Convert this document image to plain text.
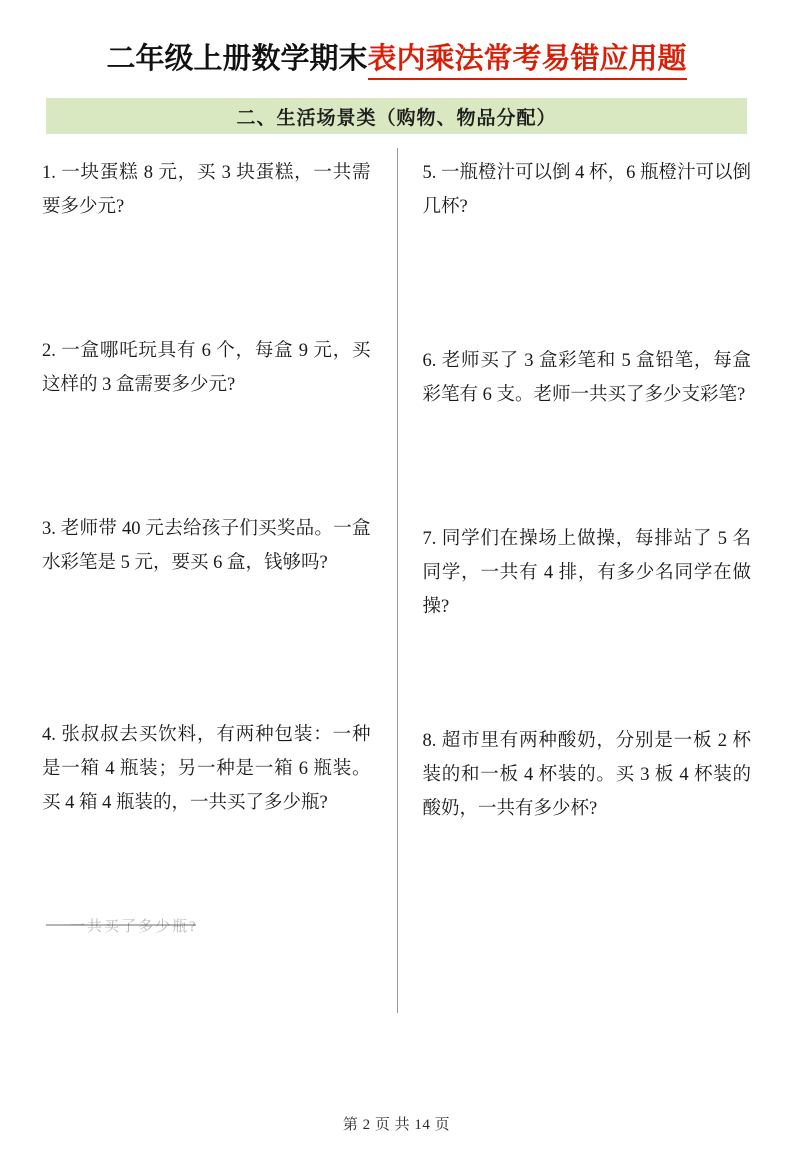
二年级上册数学期末 表内乘法常考易错应用题
二、生活场景类（购物、物品分配）
1. 一块蛋糕 8 元，买 3 块蛋糕，一共需要多少元?
2. 一盒哪吒玩具有 6 个，每盒 9 元，买这样的 3 盒需要多少元?
3. 老师带 40 元去给孩子们买奖品。一盒水彩笔是 5 元，要买 6 盒，钱够吗?
4. 张叔叔去买饮料，有两种包装：一种是一箱 4 瓶装；另一种是一箱 6 瓶装。买 4 箱 4 瓶装的，一共买了多少瓶?
5. 一瓶橙汁可以倒 4 杯，6 瓶橙汁可以倒几杯?
6. 老师买了 3 盒彩笔和 5 盒铅笔，每盒彩笔有 6 支。老师一共买了多少支彩笔?
7. 同学们在操场上做操，每排站了 5 名同学，一共有 4 排，有多少名同学在做操?
8. 超市里有两种酸奶，分别是一板 2 杯装的和一板 4 杯装的。买 3 板 4 杯装的酸奶，一共有多少杯?
一共买了多少瓶?
第 2 页 共 14 页
